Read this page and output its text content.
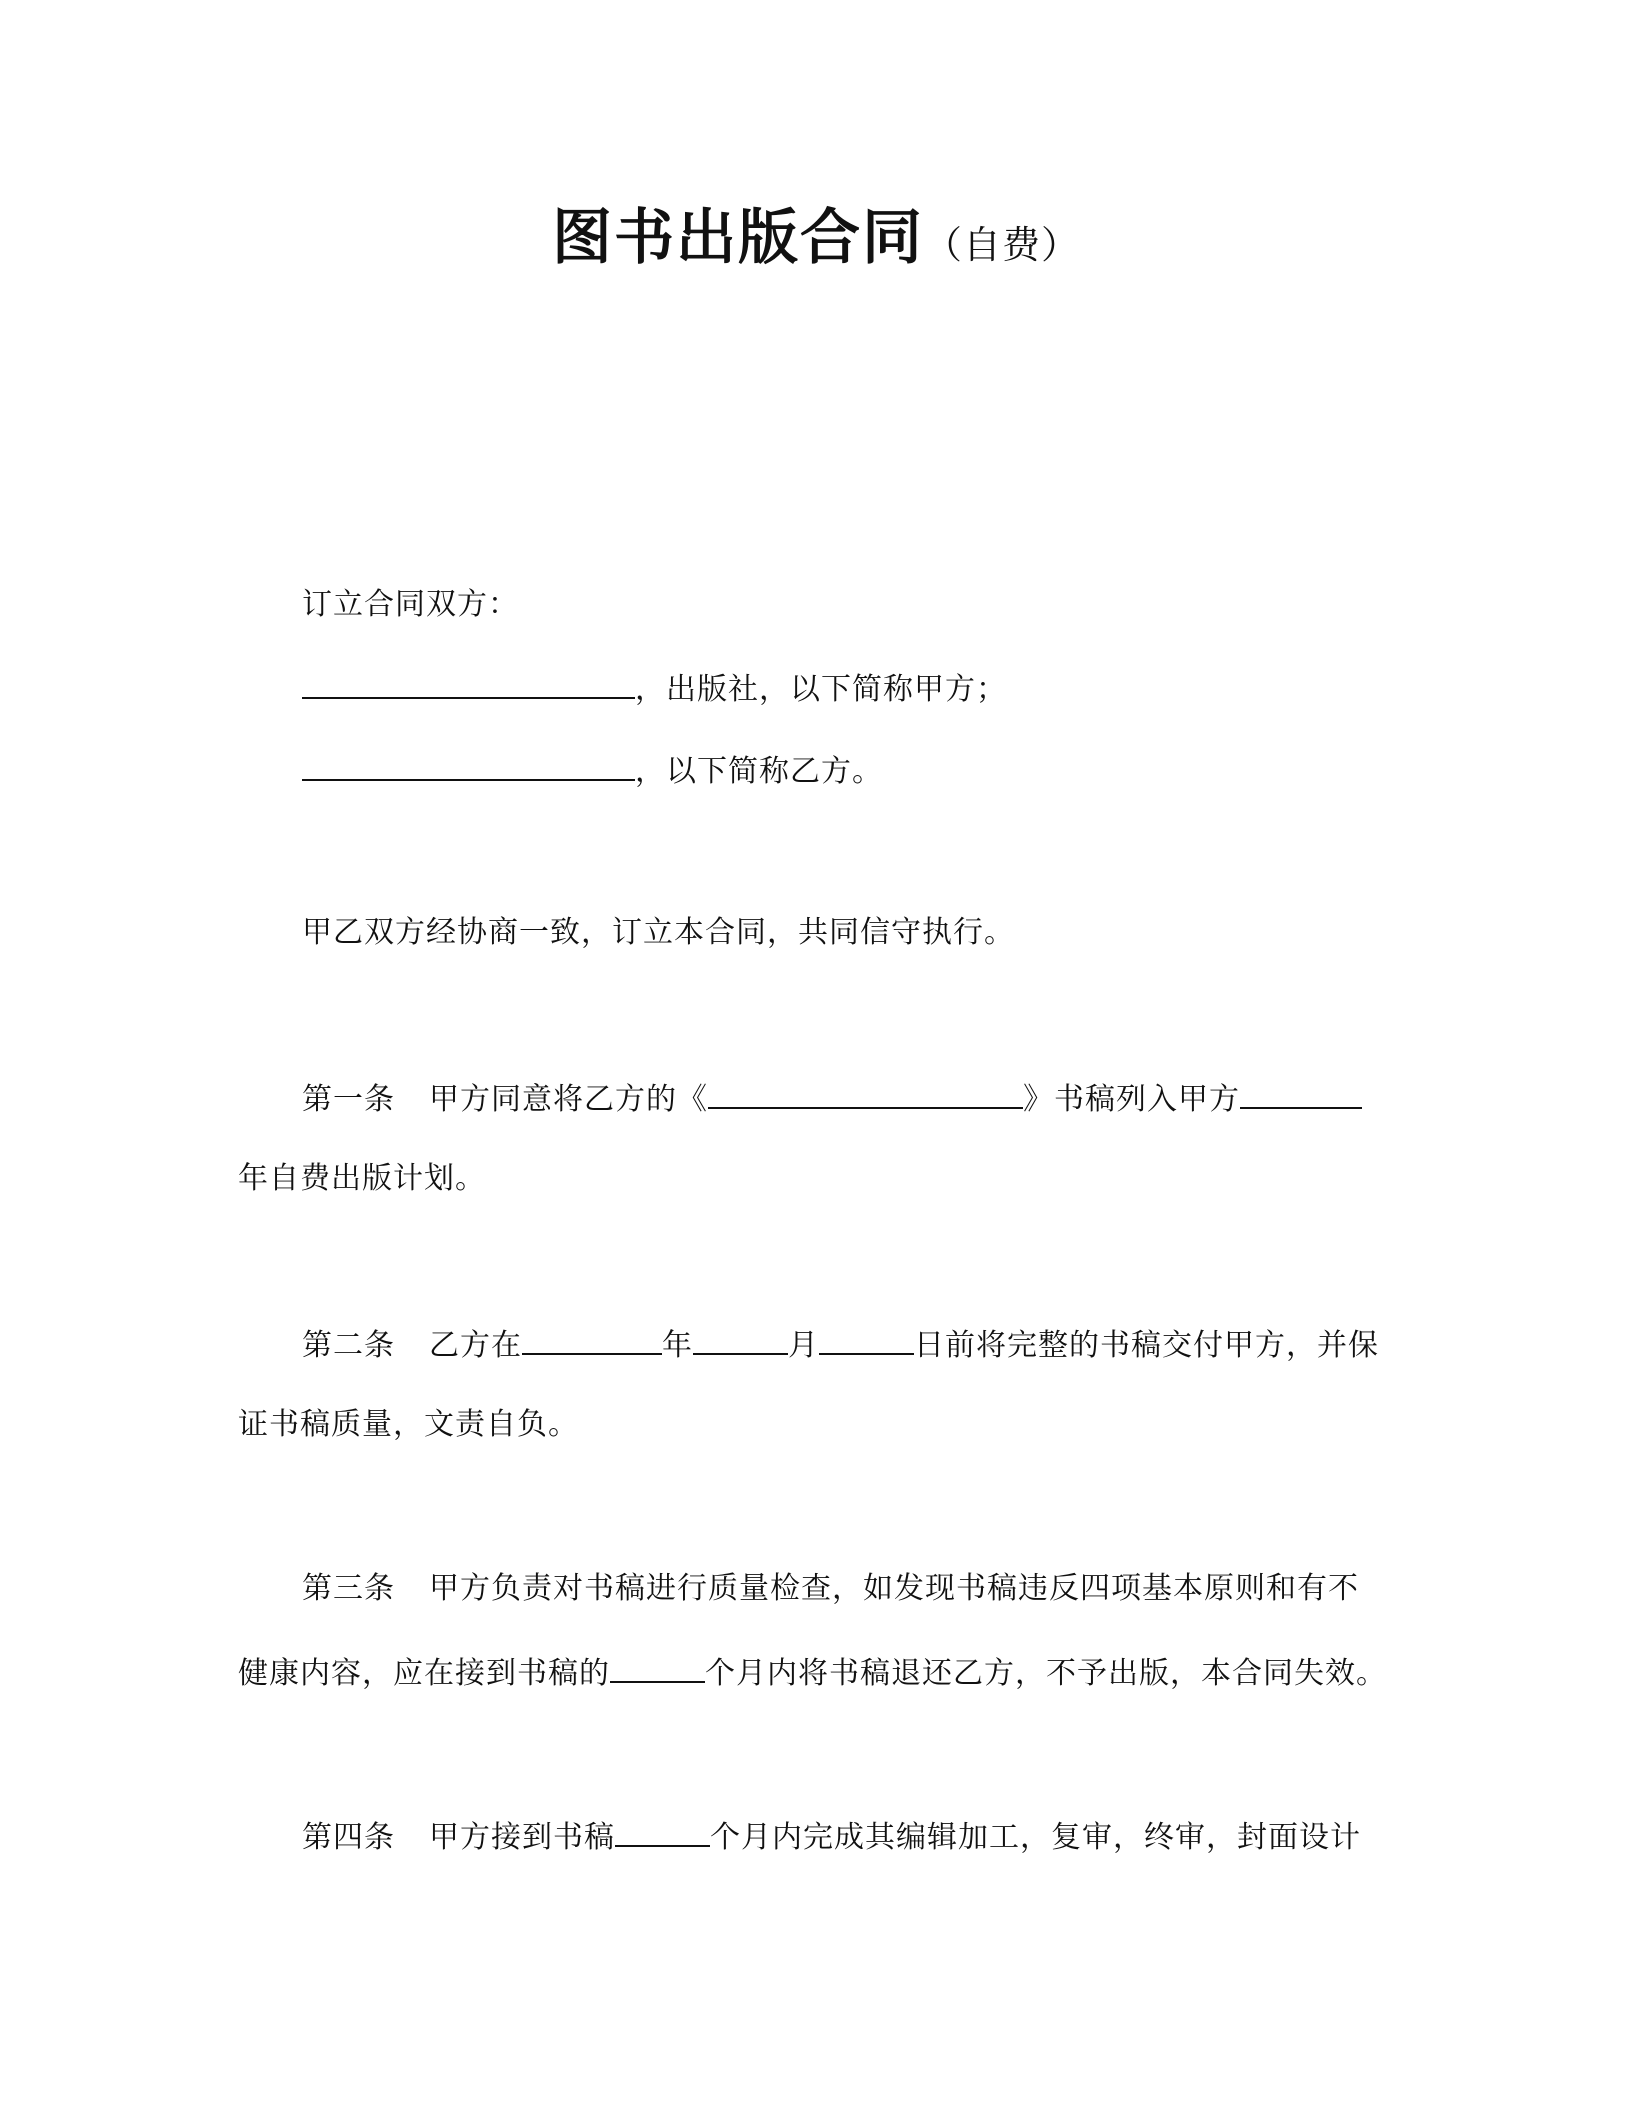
图书出版合同（自费）
订立合同双方：
，出版社，以下简称甲方；
，以下简称乙方。
甲乙双方经协商一致，订立本合同，共同信守执行。
第一条 甲方同意将乙方的《	》书稿列入甲方
年自费出版计划。
第二条 乙方在	年	月	日前将完整的书稿交付甲方，并保
证书稿质量，文责自负。
第三条 甲方负责对书稿进行质量检查，如发现书稿违反四项基本原则和有不
健康内容，应在接到书稿的	个月内将书稿退还乙方，不予出版，本合同失效。
第四条 甲方接到书稿	个月内完成其编辑加工，复审，终审，封面设计
